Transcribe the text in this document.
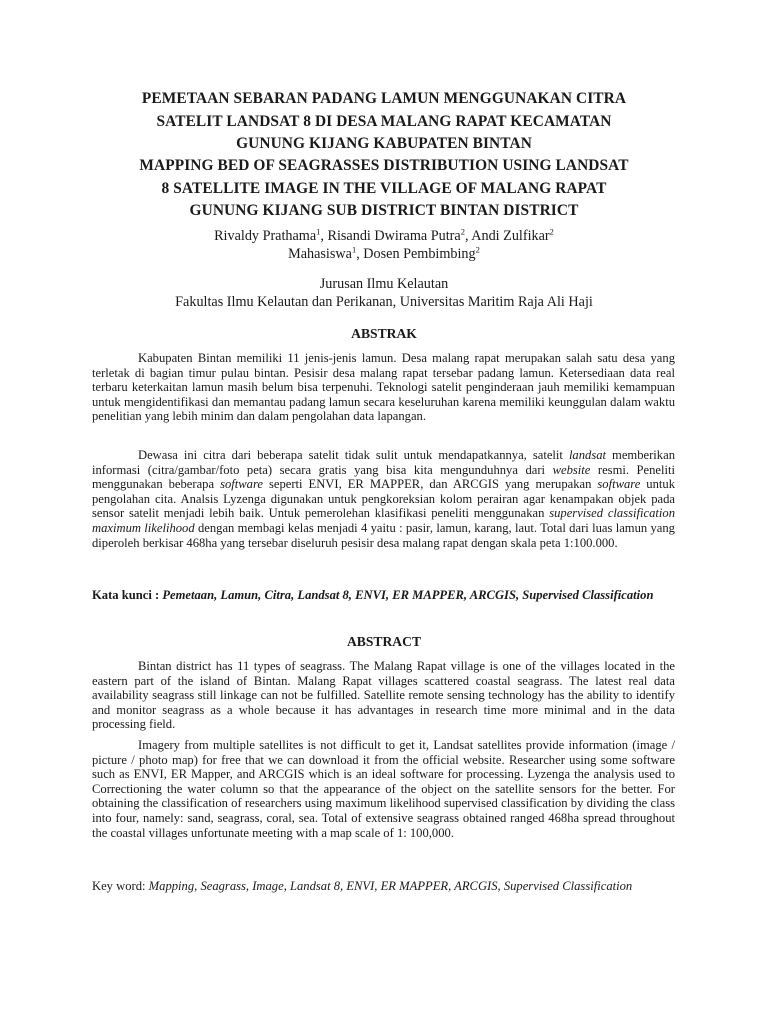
PEMETAAN SEBARAN PADANG LAMUN MENGGUNAKAN CITRA
SATELIT LANDSAT 8 DI DESA MALANG RAPAT KECAMATAN
GUNUNG KIJANG KABUPATEN BINTAN
MAPPING BED OF SEAGRASSES DISTRIBUTION USING LANDSAT
8 SATELLITE IMAGE IN THE VILLAGE OF MALANG RAPAT
GUNUNG KIJANG SUB DISTRICT BINTAN DISTRICT
Rivaldy Prathama$^1$, Risandi Dwirama Putra$^2$, Andi Zulfikar$^2$
Mahasiswa$^1$, Dosen Pembimbing$^2$
Jurusan Ilmu Kelautan
Fakultas Ilmu Kelautan dan Perikanan, Universitas Maritim Raja Ali Haji
ABSTRAK
Kabupaten Bintan memiliki 11 jenis-jenis lamun. Desa malang rapat merupakan salah satu desa yang terletak di bagian timur pulau bintan. Pesisir desa malang rapat tersebar padang lamun. Ketersediaan data real terbaru keterkaitan lamun masih belum bisa terpenuhi. Teknologi satelit penginderaan jauh memiliki kemampuan untuk mengidentifikasi dan memantau padang lamun secara keseluruhan karena memiliki keunggulan dalam waktu penelitian yang lebih minim dan dalam pengolahan data lapangan.
Dewasa ini citra dari beberapa satelit tidak sulit untuk mendapatkannya, satelit landsat memberikan informasi (citra/gambar/foto peta) secara gratis yang bisa kita mengunduhnya dari website resmi. Peneliti menggunakan beberapa software seperti ENVI, ER MAPPER, dan ARCGIS yang merupakan software untuk pengolahan cita. Analsis Lyzenga digunakan untuk pengkoreksian kolom perairan agar kenampakan objek pada sensor satelit menjadi lebih baik. Untuk pemerolehan klasifikasi peneliti menggunakan supervised classification maximum likelihood dengan membagi kelas menjadi 4 yaitu : pasir, lamun, karang, laut. Total dari luas lamun yang diperoleh berkisar 468ha yang tersebar diseluruh pesisir desa malang rapat dengan skala peta 1:100.000.
Kata kunci : Pemetaan, Lamun, Citra, Landsat 8, ENVI, ER MAPPER, ARCGIS, Supervised Classification
ABSTRACT
Bintan district has 11 types of seagrass. The Malang Rapat village is one of the villages located in the eastern part of the island of Bintan. Malang Rapat villages scattered coastal seagrass. The latest real data availability seagrass still linkage can not be fulfilled. Satellite remote sensing technology has the ability to identify and monitor seagrass as a whole because it has advantages in research time more minimal and in the data processing field.
Imagery from multiple satellites is not difficult to get it, Landsat satellites provide information (image / picture / photo map) for free that we can download it from the official website. Researcher using some software such as ENVI, ER Mapper, and ARCGIS which is an ideal software for processing. Lyzenga the analysis used to Correctioning the water column so that the appearance of the object on the satellite sensors for the better. For obtaining the classification of researchers using maximum likelihood supervised classification by dividing the class into four, namely: sand, seagrass, coral, sea. Total of extensive seagrass obtained ranged 468ha spread throughout the coastal villages unfortunate meeting with a map scale of 1: 100,000.
Key word: Mapping, Seagrass, Image, Landsat 8, ENVI, ER MAPPER, ARCGIS, Supervised Classification
